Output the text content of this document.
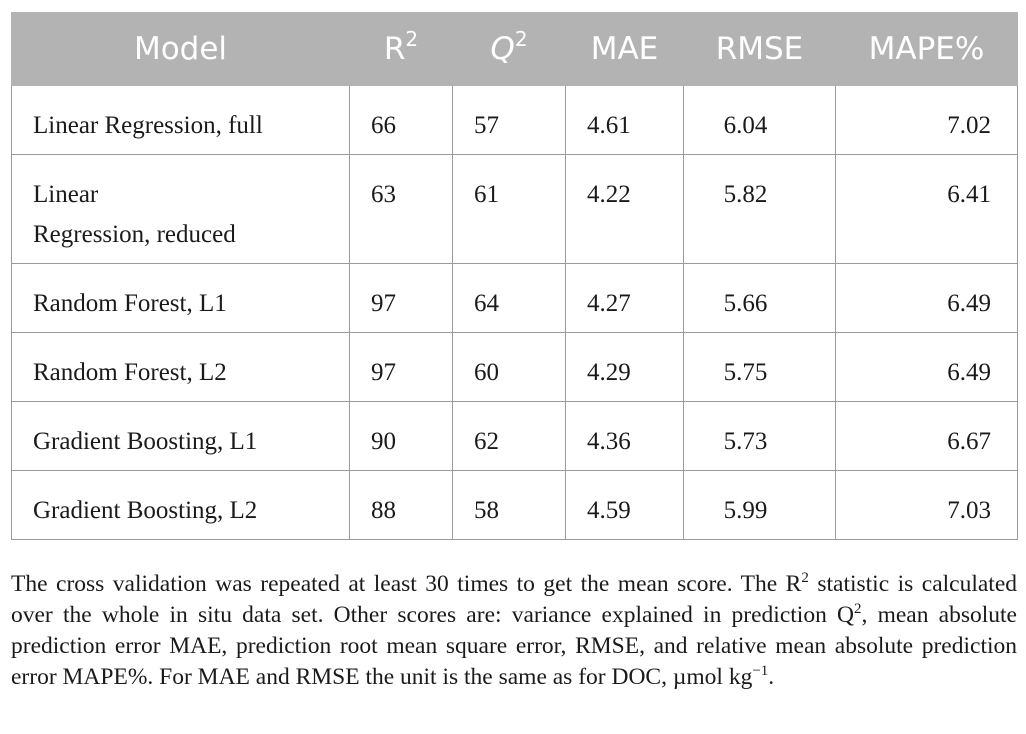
Model	$R^2$	$Q^2$	MAE	RMSE	MAPE%
Linear Regression, full	66	57	4.61	6.04	7.02
Linear
Regression, reduced	63	61	4.22	5.82	6.41
Random Forest, L1	97	64	4.27	5.66	6.49
Random Forest, L2	97	60	4.29	5.75	6.49
Gradient Boosting, L1	90	62	4.36	5.73	6.67
Gradient Boosting, L2	88	58	4.59	5.99	7.03

The cross validation was repeated at least 30 times to get the mean score. The $R^2$ statistic is calculated over the whole in situ data set. Other scores are: variance explained in prediction $Q^2$, mean absolute prediction error MAE, prediction root mean square error, RMSE, and relative mean absolute prediction error MAPE%. For MAE and RMSE the unit is the same as for DOC, µmol $kg^{-1}$.
